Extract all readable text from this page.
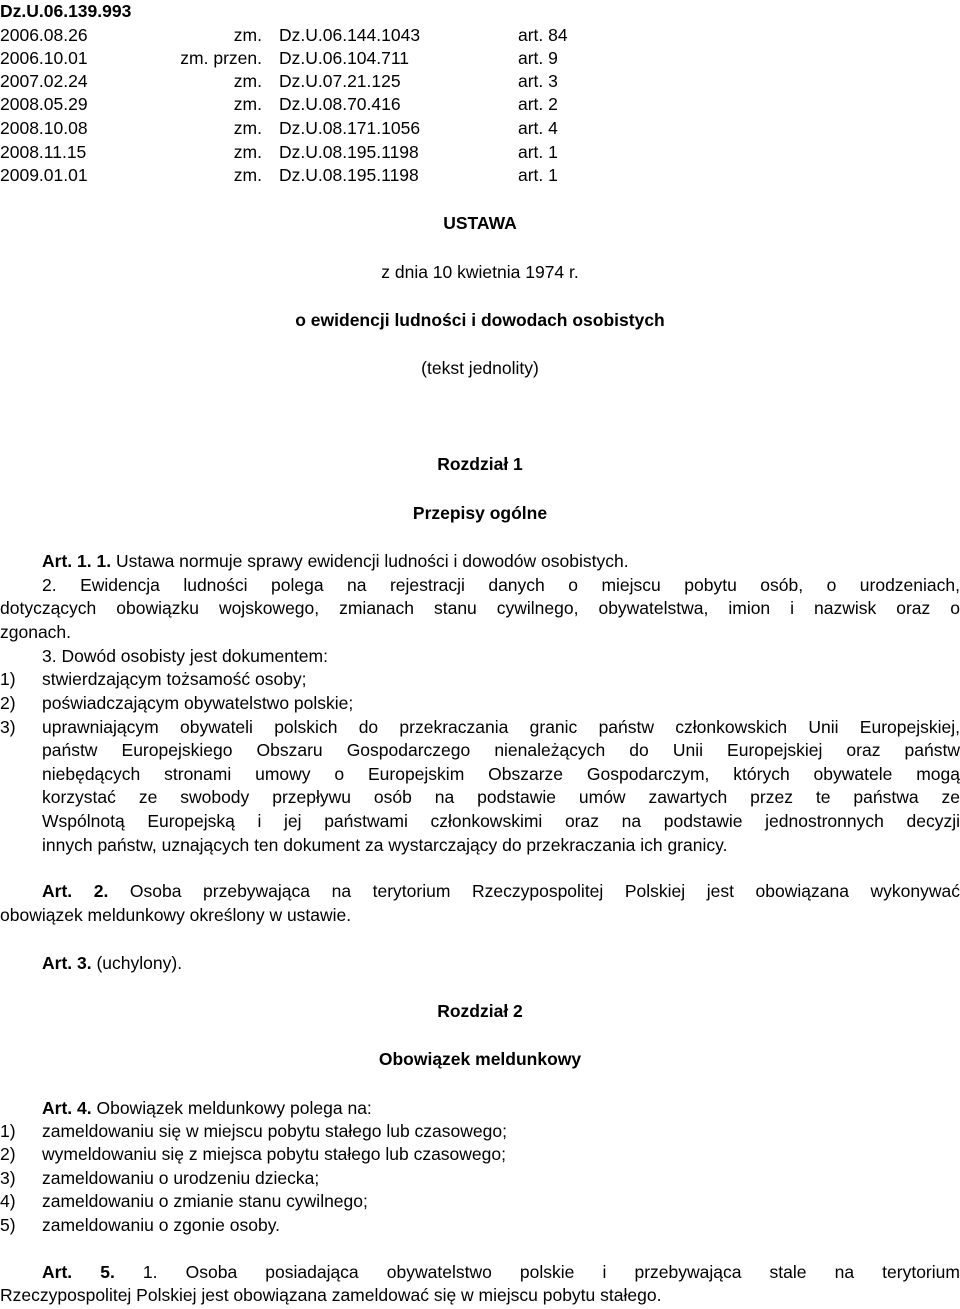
Dz.U.06.139.993
2006.08.26	zm. Dz.U.06.144.1043	art. 84
2006.10.01	zm. przen. Dz.U.06.104.711	art. 9
2007.02.24	zm. Dz.U.07.21.125	art. 3
2008.05.29	zm. Dz.U.08.70.416	art. 2
2008.10.08	zm. Dz.U.08.171.1056	art. 4
2008.11.15	zm. Dz.U.08.195.1198	art. 1
2009.01.01	zm. Dz.U.08.195.1198	art. 1
USTAWA
z dnia 10 kwietnia 1974 r.
o ewidencji ludności i dowodach osobistych
(tekst jednolity)
Rozdział 1
Przepisy ogólne
Art. 1. 1. Ustawa normuje sprawy ewidencji ludności i dowodów osobistych.
2. Ewidencja ludności polega na rejestracji danych o miejscu pobytu osób, o urodzeniach,
dotyczących obowiązku wojskowego, zmianach stanu cywilnego, obywatelstwa, imion i nazwisk oraz o
zgonach.
3. Dowód osobisty jest dokumentem:
1) stwierdzającym tożsamość osoby;
2) poświadczającym obywatelstwo polskie;
3) uprawniającym obywateli polskich do przekraczania granic państw członkowskich Unii Europejskiej,
państw Europejskiego Obszaru Gospodarczego nienależących do Unii Europejskiej oraz państw
niebędących stronami umowy o Europejskim Obszarze Gospodarczym, których obywatele mogą
korzystać ze swobody przepływu osób na podstawie umów zawartych przez te państwa ze
Wspólnotą Europejską i jej państwami członkowskimi oraz na podstawie jednostronnych decyzji
innych państw, uznających ten dokument za wystarczający do przekraczania ich granicy.
Art. 2. Osoba przebywająca na terytorium Rzeczypospolitej Polskiej jest obowiązana wykonywać
obowiązek meldunkowy określony w ustawie.
Art. 3. (uchylony).
Rozdział 2
Obowiązek meldunkowy
Art. 4. Obowiązek meldunkowy polega na:
1) zameldowaniu się w miejscu pobytu stałego lub czasowego;
2) wymeldowaniu się z miejsca pobytu stałego lub czasowego;
3) zameldowaniu o urodzeniu dziecka;
4) zameldowaniu o zmianie stanu cywilnego;
5) zameldowaniu o zgonie osoby.
Art. 5. 1. Osoba posiadająca obywatelstwo polskie i przebywająca stale na terytorium
Rzeczypospolitej Polskiej jest obowiązana zameldować się w miejscu pobytu stałego.
